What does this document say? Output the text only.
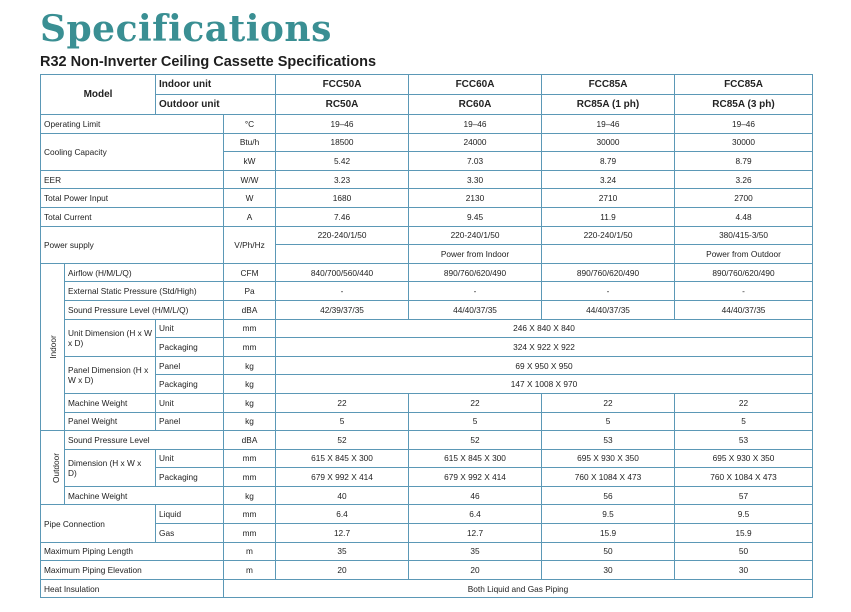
Specifications
R32 Non-Inverter Ceiling Cassette Specifications
Model		Indoor unit		FCC50A	FCC60A	FCC85A	FCC85A
		Outdoor unit		RC50A	RC60A	RC85A (1 ph)	RC85A (3 ph)
Operating Limit			°C	19–46	19–46	19–46	19–46
Cooling Capacity			Btu/h	18500	24000	30000	30000
			kW	5.42	7.03	8.79	8.79
EER			W/W	3.23	3.30	3.24	3.26
Total Power Input			W	1680	2130	2710	2700
Total Current			A	7.46	9.45	11.9	4.48
Power supply			V/Ph/Hz	220-240/1/50	220-240/1/50	220-240/1/50	380/415-3/50
					Power from Indoor		Power from Outdoor
Indoor	Airflow (H/M/L/Q)		CFM	840/700/560/440	890/760/620/490	890/760/620/490	890/760/620/490
	External Static Pressure (Std/High)		Pa	-	-	-	-
	Sound Pressure Level (H/M/L/Q)		dBA	42/39/37/35	44/40/37/35	44/40/37/35	44/40/37/35
	Unit Dimension (H x W x D)	Unit	mm	246 X 840 X 840			
		Packaging	mm	324 X 922 X 922			
	Panel Dimension (H x W x D)	Panel	kg	69 X 950 X 950			
		Packaging	kg	147 X 1008 X 970			
	Machine Weight	Unit	kg	22	22	22	22
	Panel Weight	Panel	kg	5	5	5	5
Outdoor	Sound Pressure Level		dBA	52	52	53	53
	Dimension (H x W x D)	Unit	mm	615 X 845 X 300	615 X 845 X 300	695 X 930 X 350	695 X 930 X 350
		Packaging	mm	679 X 992 X 414	679 X 992 X 414	760 X 1084 X 473	760 X 1084 X 473
	Machine Weight		kg	40	46	56	57
Pipe Connection		Liquid	mm	6.4	6.4	9.5	9.5
		Gas	mm	12.7	12.7	15.9	15.9
Maximum Piping Length			m	35	35	50	50
Maximum Piping Elevation			m	20	20	30	30
Heat Insulation			Both Liquid and Gas Piping				
